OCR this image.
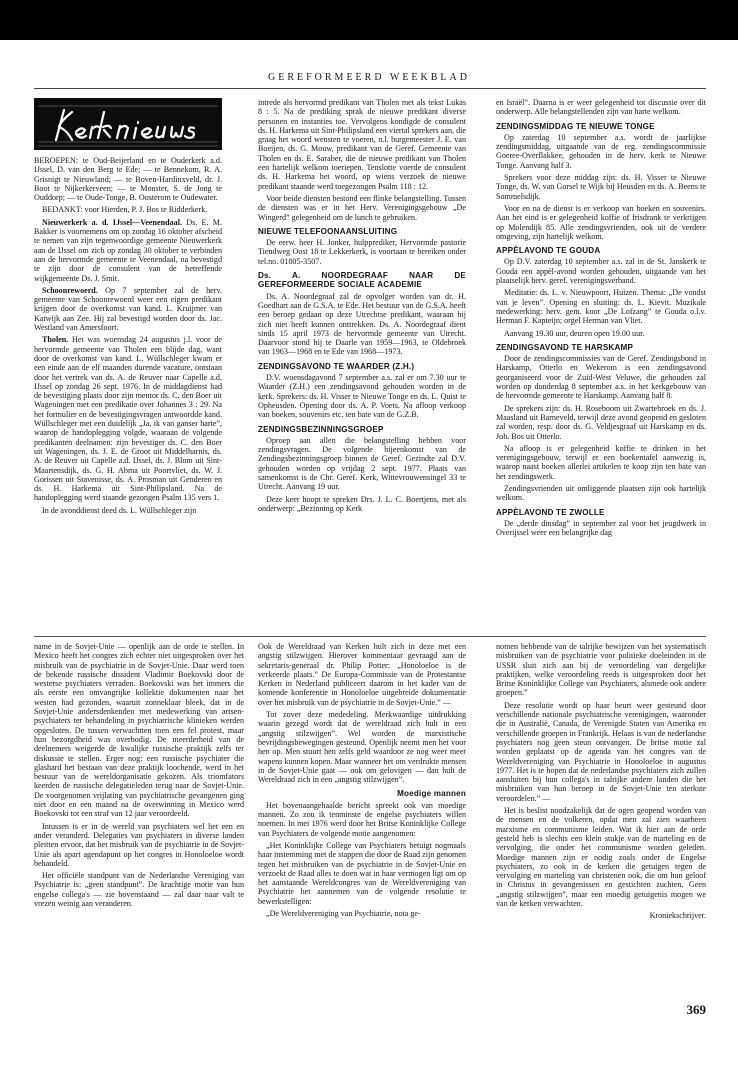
GEREFORMEERD WEEKBLAD

BEROEPEN: te Oud-Beijerland en te Ouderkerk a.d. IJssel, D. van den Berg te Ede; — te Bennekom, R. A. Grisnigt te Nieuwland; — te Boven-Hardinxveld, dr. J. Boot te Nijkerkerveen; — te Monster, S. de Jong te Ouddorp; — te Oude-Tonge, B. Oosterom te Oudewater.

BEDANKT: voor Hierden, P. J. Bos te Ridderkerk.

Nieuwerkerk a. d. IJssel—Veenendaal. Ds. E. M. Bakker is voornemens om op zondag 16 oktober afscheid te nemen van zijn tegenwoordige gemeente Nieuwerkerk aan de IJssel om zich op zondag 30 oktober te verbinden aan de hervormde gemeente te Veenendaal, na bevestigd te zijn door de consulent van de betreffende wijkgemeente Ds. J. Smit.

Schoonrewoerd. Op 7 september zal de herv. gemeente van Schoonrewoerd weer een eigen predikant krijgen door de overkomst van kand. L. Kruijmer van Katwijk aan Zee. Hij zal bevestigd worden door ds. Jac. Westland van Amersfoort.

Tholen. Het was woensdag 24 augustus j.l. voor de hervormde gemeente van Tholen een blijde dag, want door de overkomst van kand. L. Wüllschleger kwam er een einde aan de elf maanden durende vacature, ontstaan door het vertrek van ds. A. de Reuver naar Capelle a.d. IJssel op zondag 26 sept. 1976. In de middagdienst had de bevestiging plaats door zijn mentor ds. C. den Boer uit Wageningen met een predikatie over Johannes 3 : 29. Na het formulier en de bevestigingsvragen antwoordde kand. Wüllschleger met een duidelijk „Ja, ik van ganser harte”, waarop de handoplegging volgde, waaraan de volgende predikanten deelnamen: zijn bevestiger ds. C. den Boer uit Wageningen, ds. J. E. de Groot uit Middelharnis, ds. A. de Reuver uit Capelle a.d. IJssel, ds. J. Blom uit Sint-Maartensdijk, ds. G. H. Abma uit Poortvliet, ds. W. J. Gorissen uit Stavenisse, ds. A. Prosman uit Genderen en ds. H. Harkema uit Sint-Philipsland. Na de handoplegging werd staande gezongen Psalm 135 vers 1.

In de avonddienst deed ds. L. Wüllschleger zijn

intrede als hervormd predikant van Tholen met als tekst Lukas 8 : 5. Na de prediking sprak de nieuwe predikant diverse personen en instanties toe. Vervolgens kondigde de consulent ds. H. Harkema uit Sint-Philipsland een viertal sprekers aan, die graag het woord wensten te voeren, n.l. burgemeester J. E. van Boeijen, ds. G. Mouw, predikant van de Geref. Gemeente van Tholen en ds. E. Saraber, die de nieuwe predikant van Tholen een hartelijk welkom toeriepen. Tenslotte voerde de consulent ds. H. Harkema het woord, op wiens verzoek de nieuwe predikant staande werd toegezongen Psalm 118 : 12.

Voor beide diensten bestond een flinke belangstelling. Tussen de diensten was er in het Herv. Verenigingsgebouw „De Wingerd” gelegenheid om de lunch te gebruiken.

NIEUWE TELEFOONAANSLUITING

De eerw. heer H. Jonker, hulpprediker, Hervormde pastorie Tiendweg Oost 18 te Lekkerkerk, is voortaan te bereiken onder tel.no. 01805-3507.

Ds. A. NOORDEGRAAF NAAR DE GEREFORMEERDE SOCIALE ACADEMIE

Ds. A. Noordegraaf zal de opvolger worden van dr. H. Goedhart aan de G.S.A. te Ede. Het bestuur van de G.S.A. heeft een beroep gedaan op deze Utrechtse predikant, waaraan hij zich niet heeft kunnen onttrekken. Ds. A. Noordegraaf dient sinds 15 april 1973 de hervormde gemeente van Utrecht. Daarvoor stond hij te Daarle van 1959—1963, te Oldebroek van 1963—1968 en te Ede van 1968—1973.

ZENDINGSAVOND TE WAARDER (Z.H.)

D.V. woensdagavond 7 september a.s. zal er om 7.30 uur te Waarder (Z.H.) een zendingsavond gehouden worden in de kerk. Sprekers: ds. H. Visser te Nieuwe Tonge en ds. L. Quist te Opheusden. Opening door ds. A. P. Voets. Na afloop verkoop van boeken, souvenirs etc. ten bate van de G.Z.B.

ZENDINGSBEZINNINGSGROEP

Oproep aan allen die belangstelling hebben voor zendingsvragen. De volgende bijeenkomst van de Zendingsbezinningsgroep binnen de Geref. Gezindte zal D.V. gehouden worden op vrijdag 2 sept. 1977. Plaats van samenkomst is de Chr. Geref. Kerk, Wittevrouwensingel 33 te Utrecht. Aanvang 19 uur.

Deze keer hoopt te spreken Drs. J. L. C. Boertjens, met als onderwerp: „Bezinning op Kerk

en Israël”. Daarna is er weer gelegenheid tot discussie over dit onderwerp. Alle belangstellenden zijn van harte welkom.

ZENDINGSMIDDAG TE NIEUWE TONGE

Op zaterdag 10 september a.s. wordt de jaarlijkse zendingsmiddag, uitgaande van de reg. zendingscommissie Goeree-Overflakkee, gehouden in de herv. kerk te Nieuwe Tonge. Aanvang half 3.

Sprekers voor deze middag zijn: ds. H. Visser te Nieuwe Tonge, ds. W. van Gorsel te Wijk bij Heusden en ds. A. Beens te Sommelsdijk.

Voor en na de dienst is er verkoop van boeken en souvenirs. Aan het eind is er gelegenheid koffie of frisdrank te verkrijgen op Molendijk 85. Alle zendingsvrienden, ook uit de verdere omgeving, zijn hartelijk welkom.

APPÈLAVOND TE GOUDA

Op D.V. zaterdag 10 september a.s. zal in de St. Janskerk te Gouda een appèl-avond worden gehouden, uitgaande van het plaatselijk herv. geref. verenigingsverband.

Meditatie: ds. L. v. Nieuwpoort, Huizen. Thema: „De vondst van je leven”. Opening en sluiting: ds. L. Kievit. Muzikale medewerking: herv. gem. koor „De Lofzang” te Gouda o.l.v. Herman F. Kapteijn; orgel Herman van Vliet.

Aanvang 19.30 uur, deuren open 19.00 uur.

ZENDINGSAVOND TE HARSKAMP

Door de zendingscommissies van de Geref. Zendingsbond in Harskamp, Otterlo en Wekerom is een zendingsavond georganiseerd voor de Zuid-West Veluwe, die gehouden zal worden op donderdag 8 september a.s. in het kerkgebouw van de hervormde gemeente te Harskamp. Aanvang half 8.

De sprekers zijn: ds. H. Roseboom uit Zwartebroek en ds. J. Maasland uit Barneveld, terwijl deze avond geopend en gesloten zal worden, resp. door ds. G. Veldjesgraaf uit Harskamp en ds. Joh. Bos uit Otterlo.

Na afloop is er gelegenheid koffie te drinken in het verenigingsgebouw, terwijl er een boekentafel aanwezig is, waarop naast boeken allerlei artikelen te koop zijn ten bate van het zendingswerk.

Zendingsvrienden uit omliggende plaatsen zijn ook hartelijk welkom.

APPÈLAVOND TE ZWOLLE

De „derde dinsdag” in september zal voor het jeugdwerk in Overijssel weer een belangrijke dag

name in de Sovjet-Unie — openlijk aan de orde te stellen. In Mexico heeft het congres zich echter niet uitgesproken over het misbruik van de psychiatrie in de Sovjet-Unie. Daar werd toen de bekende russische dissident Vladimir Boekovski door de westerse psychiaters verraden. Boekovski was het immers die als eerste een omvangrijke kollektie dokumenten naar het westen had gezonden, waaruit zonneklaar bleek, dat in de Sovjet-Unie andersdenkenden met medewerking van artsen-psychiaters ter behandeling in psychiatrische klinieken werden opgesloten. De tussen verwachtten toen een fel protest, maar hun bezorgdheid was overbodig. De meerderheid van de deelnemers weigerde de kwalijke russische praktijk zelfs ter diskussie te stellen. Erger nog: een russische psychiater die glashard het bestaan van deze praktijk loochende, werd in het bestuur van de wereldorganisatie gekozen. Als triomfators keerden de russische delegatieleden terug naar de Sovjet-Unie. De voorgenomen vrijlating van psychiatrische gevangenen ging niet door en een maand na de overwinning in Mexico werd Boekovski tot een straf van 12 jaar veroordeeld.

Intussen is er in de wereld van psychiaters wel het een en ander veranderd. Delegaties van psychiaters in diverse landen pleitten ervoor, dat het misbruik van de psychiatrie in de Sovjet-Unie als apart agendapunt op het congres in Honoloeloe wordt behandeld.

Het officiële standpunt van de Nederlandse Vereniging van Psychiatrie is: „geen standpunt”. De krachtige motie van hun engelse collega's — zie bovenstaand — zal daar naar valt te vrezen weinig aan veranderen.

Ook de Wereldraad van Kerken hult zich in deze met een angstig stilzwijgen. Hierover kommentaar gevraagd aan de sekretaris-generaal dr. Philip Potter: „Honoloeloe is de verkeerde plaats.” De Europa-Commissie van de Protestantse Kerken in Nederland publiceert daarom in het kader van de komende konferentie in Honoloeloe uitgebreide dokumentatie over het misbruik van de psychiatrie in de Sovjet-Unie.” —

Tot zover deze mededeling. Merkwaardige uitdrukking waarin gezegd wordt dat de wereldraad zich hult in een „angstig stilzwijgen”. Wel worden de marxistische bevrijdingsbewegingen gesteund. Openlijk neemt men het voor hen op. Men stuurt hen zelfs geld waardoor ze nog weer meer wapens kunnen kopen. Maar wanneer het om verdrukte mensen in de Sovjet-Unie gaat — ook om gelovigen — dan hult de Wereldraad zich in een „angstig stilzwijgen”.

Moedige mannen

Het bovenaangehaalde bericht spreekt ook van moedige mannen. Zo zou ik tenminste de engelse psychiaters willen noemen. In mei 1976 werd door het Britse Koninklijke College van Psychiaters de volgende motie aangenomen:

„Het Koninklijke College van Psychiaters betuigt nogmaals haar instemming met de stappen die door de Raad zijn genomen tegen het misbruiken van de psychiatrie in de Sovjet-Unie en verzoekt de Raad alles te doen wat in haar vermogen ligt om op het aanstaande Wereldcongres van de Wereldvereniging van Psychiatrie het aannemen van de volgende resolutie te bewerkstelligen:

„De Wereldvereniging van Psychiatrie, nota ge-

nomen hebbende van de talrijke bewijzen van het systematisch misbruiken van de psychiatrie voor politieke doeleinden in de USSR sluit zich aan bij de veroordeling van dergelijke praktijken, welke veroordeling reeds is uitgesproken door het Britse Koninklijke College van Psychiaters, alsmede ook andere groepen.”

Deze resolutie wordt op haar beurt weer gesteund door verschillende nationale psychiatrische verenigingen, waaronder die in Australië, Canada, de Verenigde Staten van Amerika en verschillende groepen in Frankrijk. Helaas is van de nederlandse psychiaters nog geen steun ontvangen. De britse motie zal worden geplaatst op de agenda van het congres van de Wereldvereniging van Psychiatrie in Honoloeloe in augustus 1977. Het is te hopen dat de nederlandse psychiaters zich zullen aansluiten bij hun collega's in talrijke andere landen die het misbruiken van hun beroep in de Sovjet-Unie ten sterkste veroordelen.” —

Het is beslist noodzakelijk dat de ogen geopend worden van de mensen en de volkeren, opdat men zal zien waarheen marxisme en communisme leiden. Wat ik hier aan de orde gesteld heb is slechts een klein stukje van de marteling en de vervolging, die onder het communisme worden geleden. Moedige mannen zijn er nodig zoals onder de Engelse psychiaters, zo ook in de kerken die getuigen tegen de vervolging en marteling van christenen ook, die om hun geloof in Christus in gevangenissen en gestichten zuchten. Geen „angstig stilzwijgen”, maar een moedig getuigenis mogen we van de kerken verwachten.

Kroniekschrijver.

369
